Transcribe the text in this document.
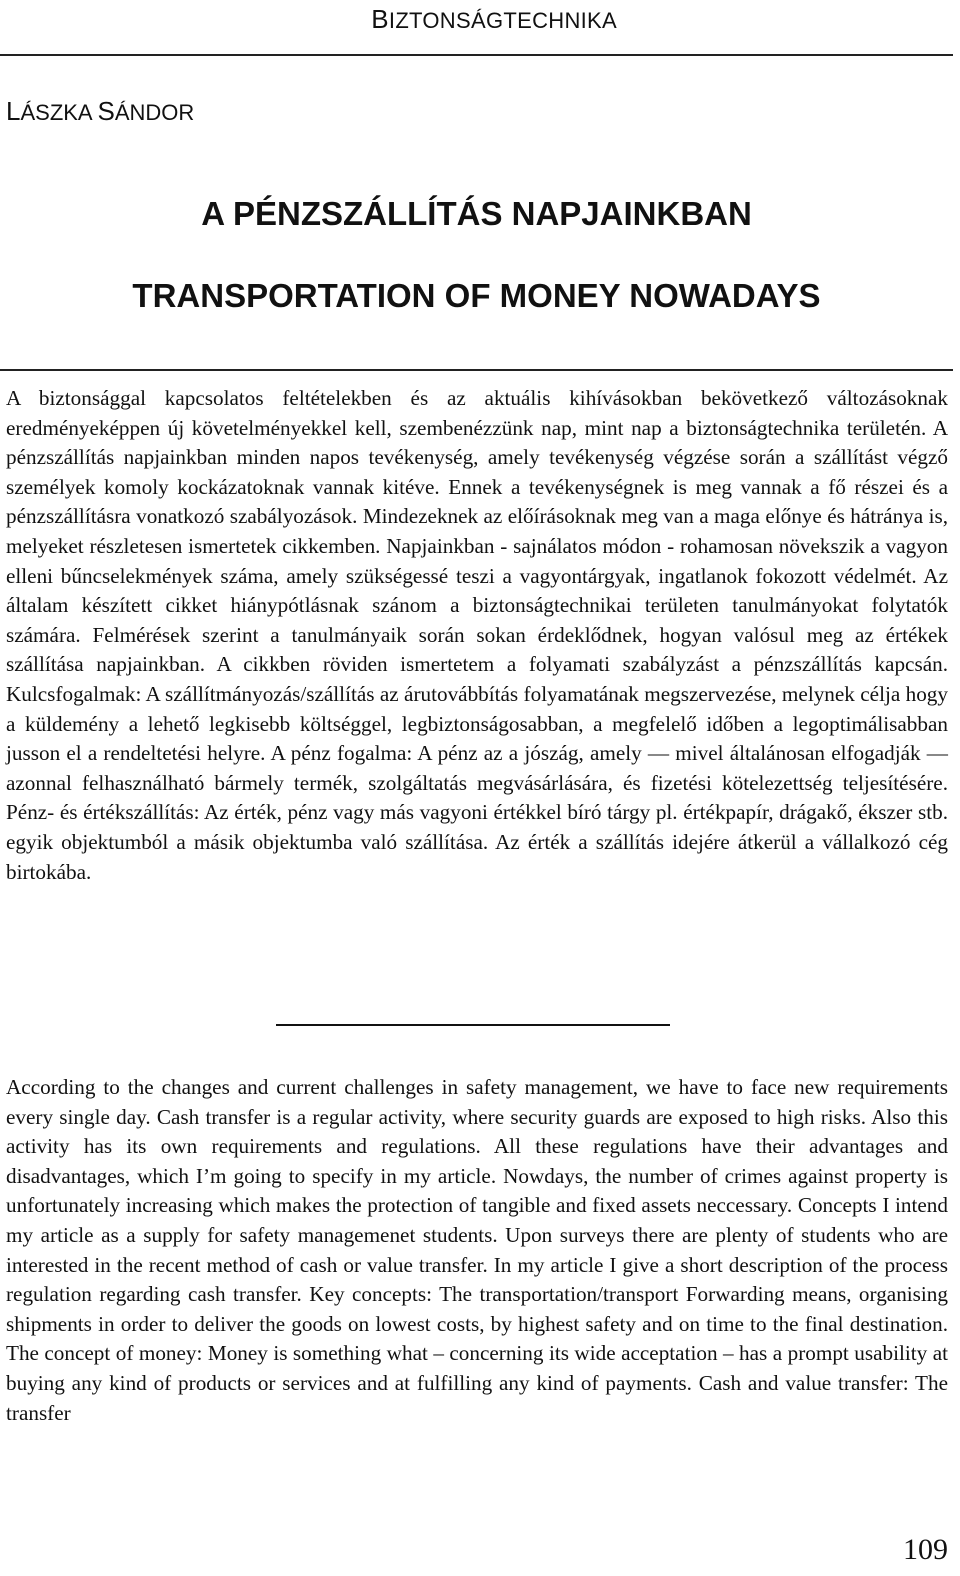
BIZTONSÁGTECHNIKA
LÁSZKA SÁNDOR
A PÉNZSZÁLLÍTÁS NAPJAINKBAN
TRANSPORTATION OF MONEY NOWADAYS
A biztonsággal kapcsolatos feltételekben és az aktuális kihívásokban bekövetkező változásoknak eredményeképpen új követelményekkel kell, szembenézzünk nap, mint nap a biztonságtechnika területén. A pénzszállítás napjainkban minden napos tevékenység, amely tevékenység végzése során a szállítást végző személyek komoly kockázatoknak vannak kitéve. Ennek a tevékenységnek is meg vannak a fő részei és a pénzszállításra vonatkozó szabályozások. Mindezeknek az előírásoknak meg van a maga előnye és hátránya is, melyeket részletesen ismertetek cikkemben. Napjainkban - sajnálatos módon - rohamosan növekszik a vagyon elleni bűncselekmények száma, amely szükségessé teszi a vagyontárgyak, ingatlanok fokozott védelmét. Az általam készített cikket hiánypótlásnak szánom a biztonságtechnikai területen tanulmányokat folytatók számára. Felmérések szerint a tanulmányaik során sokan érdeklődnek, hogyan valósul meg az értékek szállítása napjainkban. A cikkben röviden ismertetem a folyamati szabályzást a pénzszállítás kapcsán. Kulcsfogalmak: A szállítmányozás/szállítás az árutovábbítás folyamatának megszervezése, melynek célja hogy a küldemény a lehető legkisebb költséggel, legbiztonságosabban, a megfelelő időben a legoptimálisabban jusson el a rendeltetési helyre. A pénz fogalma: A pénz az a jószág, amely — mivel általánosan elfogadják — azonnal felhasználható bármely termék, szolgáltatás megvásárlására, és fizetési kötelezettség teljesítésére. Pénz- és értékszállítás: Az érték, pénz vagy más vagyoni értékkel bíró tárgy pl. értékpapír, drágakő, ékszer stb. egyik objektumból a másik objektumba való szállítása. Az érték a szállítás idejére átkerül a vállalkozó cég birtokába.
According to the changes and current challenges in safety management, we have to face new requirements every single day. Cash transfer is a regular activity, where security guards are exposed to high risks. Also this activity has its own requirements and regulations. All these regulations have their advantages and disadvantages, which I’m going to specify in my article. Nowdays, the number of crimes against property is unfortunately increasing which makes the protection of tangible and fixed assets neccessary. Concepts I intend my article as a supply for safety managemenet students. Upon surveys there are plenty of students who are interested in the recent method of cash or value transfer. In my article I give a short description of the process regulation regarding cash transfer. Key concepts: The transportation/transport Forwarding means, organising shipments in order to deliver the goods on lowest costs, by highest safety and on time to the final destination. The concept of money: Money is something what – concerning its wide acceptation – has a prompt usability at buying any kind of products or services and at fulfilling any kind of payments. Cash and value transfer: The transfer
109
